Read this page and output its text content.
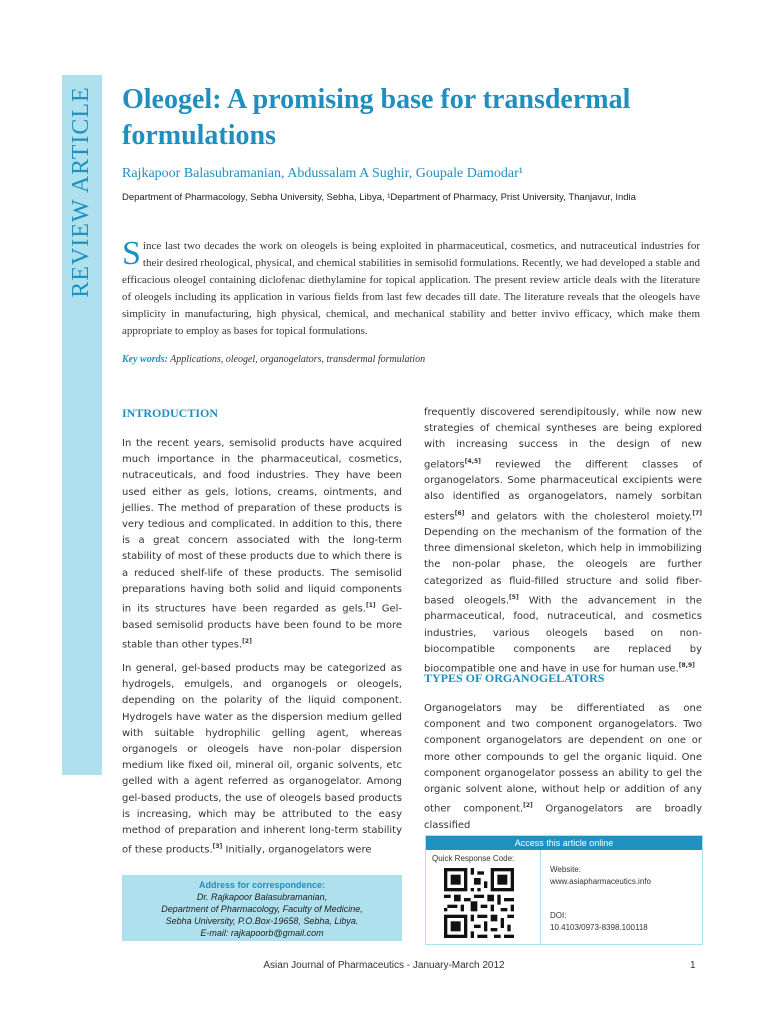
REVIEW ARTICLE Oleogel: A promising base for transdermal formulations
Rajkapoor Balasubramanian, Abdussalam A Sughir, Goupale Damodar¹
Department of Pharmacology, Sebha University, Sebha, Libya, ¹Department of Pharmacy, Prist University, Thanjavur, India

Since last two decades the work on oleogels is being exploited in pharmaceutical, cosmetics, and nutraceutical industries for their desired rheological, physical, and chemical stabilities in semisolid formulations. Recently, we had developed a stable and efficacious oleogel containing diclofenac diethylamine for topical application. The present review article deals with the literature of oleogels including its application in various fields from last few decades till date. The literature reveals that the oleogels have simplicity in manufacturing, high physical, chemical, and mechanical stability and better invivo efficacy, which make them appropriate to employ as bases for topical formulations.

Key words: Applications, oleogel, organogelators, transdermal formulation
INTRODUCTION

In the recent years, semisolid products have acquired much importance in the pharmaceutical, cosmetics, nutraceuticals, and food industries. They have been used either as gels, lotions, creams, ointments, and jellies. The method of preparation of these products is very tedious and complicated. In addition to this, there is a great concern associated with the long-term stability of most of these products due to which there is a reduced shelf-life of these products. The semisolid preparations having both solid and liquid components in its structures have been regarded as gels.[1] Gel-based semisolid products have been found to be more stable than other types.[2]

In general, gel-based products may be categorized as hydrogels, emulgels, and organogels or oleogels, depending on the polarity of the liquid component. Hydrogels have water as the dispersion medium gelled with suitable hydrophilic gelling agent, whereas organogels or oleogels have non-polar dispersion medium like fixed oil, mineral oil, organic solvents, etc gelled with a agent referred as organogelator. Among gel-based products, the use of oleogels based products is increasing, which may be attributed to the easy method of preparation and inherent long-term stability of these products.[3] Initially, organogelators were

frequently discovered serendipitously, while now new strategies of chemical syntheses are being explored with increasing success in the design of new gelators[4,5] reviewed the different classes of organogelators. Some pharmaceutical excipients were also identified as organogelators, namely sorbitan esters[6] and gelators with the cholesterol moiety.[7] Depending on the mechanism of the formation of the three dimensional skeleton, which help in immobilizing the non-polar phase, the oleogels are further categorized as fluid-filled structure and solid fiber-based oleogels.[5] With the advancement in the pharmaceutical, food, nutraceutical, and cosmetics industries, various oleogels based on non-biocompatible components are replaced by biocompatible one and have in use for human use.[8,9]

TYPES OF ORGANOGELATORS

Organogelators may be differentiated as one component and two component organogelators. Two component organogelators are dependent on one or more other compounds to gel the organic liquid. One component organogelator possess an ability to gel the organic solvent alone, without help or addition of any other component.[2] Organogelators are broadly classified

Address for correspondence:
Dr. Rajkapoor Balasubramanian,
Department of Pharmacology, Faculty of Medicine,
Sebha University, P.O.Box-19658, Sebha, Libya.
E-mail: rajkapoorb@gmail.com
Access this article online
Quick Response Code:
Website:
www.asiapharmaceutics.info
DOI:
10.4103/0973-8398.100118
Asian Journal of Pharmaceutics - January-March 2012	1
